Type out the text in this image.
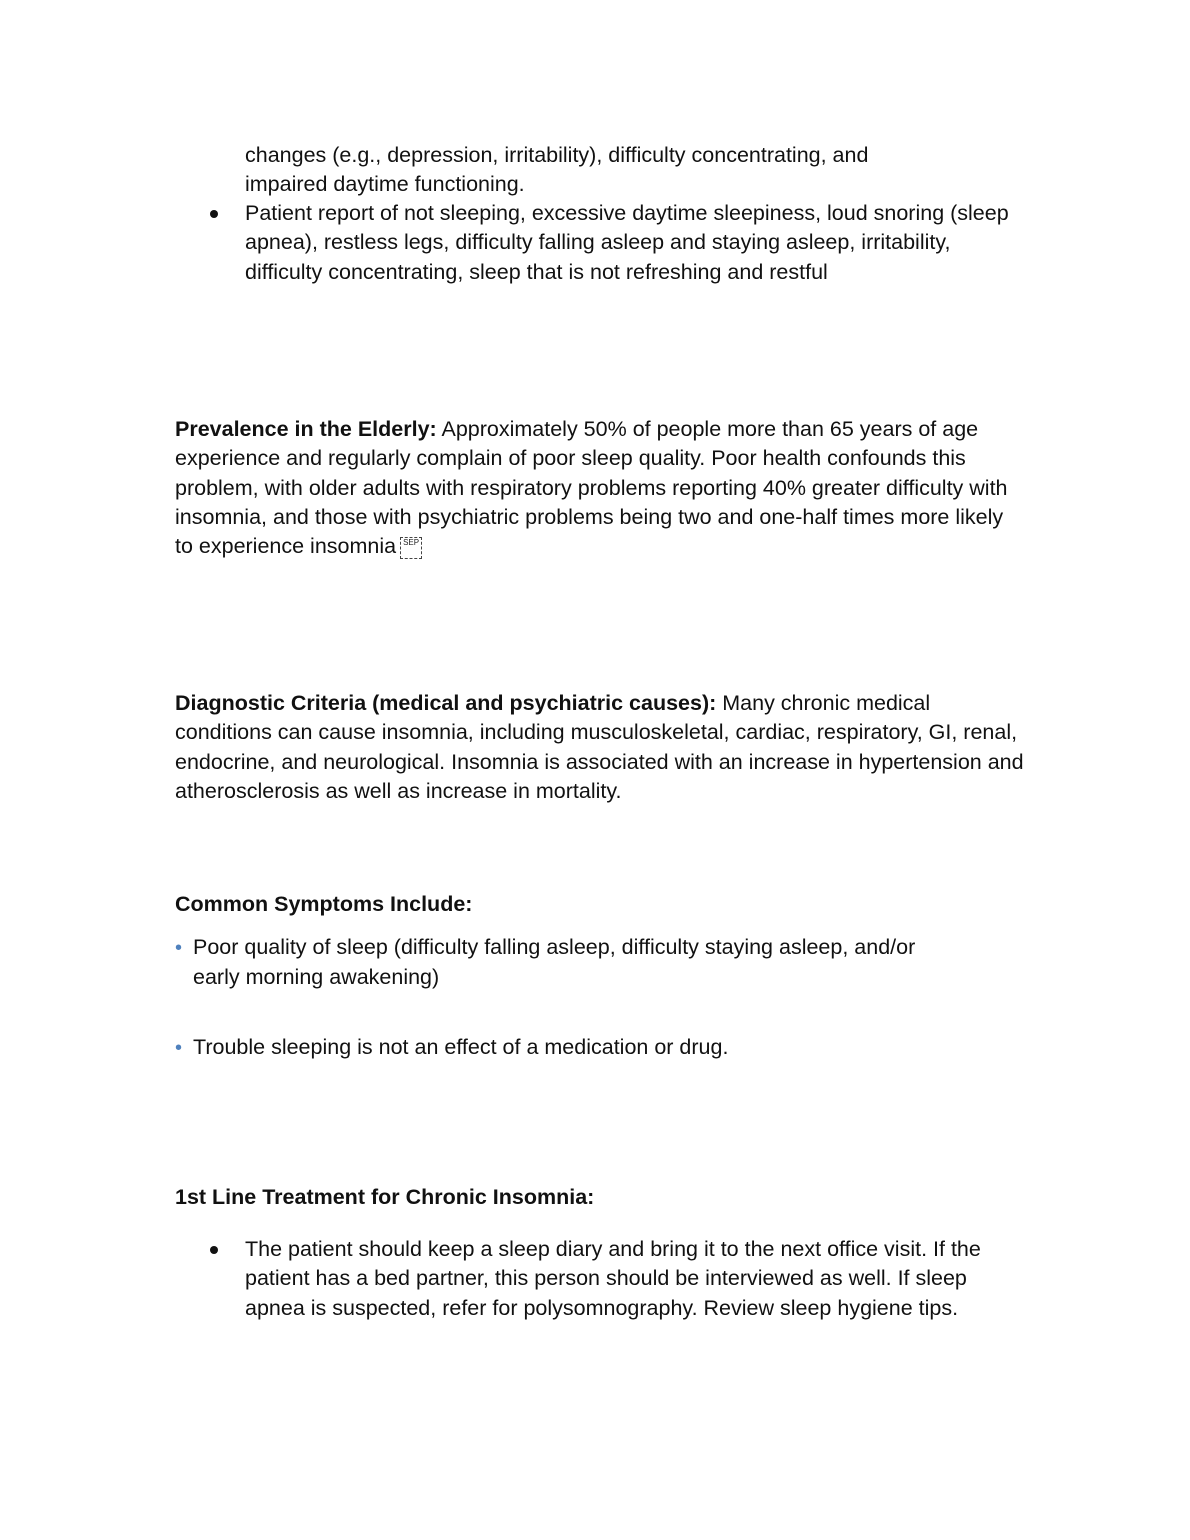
changes (e.g., depression, irritability), difficulty concentrating, and
impaired daytime functioning.
Patient report of not sleeping, excessive daytime sleepiness, loud snoring (sleep apnea), restless legs, difficulty falling asleep and staying asleep, irritability, difficulty concentrating, sleep that is not refreshing and restful
Prevalence in the Elderly: Approximately 50% of people more than 65 years of age experience and regularly complain of poor sleep quality. Poor health confounds this problem, with older adults with respiratory problems reporting 40% greater difficulty with insomnia, and those with psychiatric problems being two and one-half times more likely to experience insomnia SEP
Diagnostic Criteria (medical and psychiatric causes): Many chronic medical conditions can cause insomnia, including musculoskeletal, cardiac, respiratory, GI, renal, endocrine, and neurological. Insomnia is associated with an increase in hypertension and atherosclerosis as well as increase in mortality.
Common Symptoms Include:
• Poor quality of sleep (difficulty falling asleep, difficulty staying asleep, and/or
early morning awakening)
• Trouble sleeping is not an effect of a medication or drug.
1st Line Treatment for Chronic Insomnia:
The patient should keep a sleep diary and bring it to the next office visit. If the patient has a bed partner, this person should be interviewed as well. If sleep apnea is suspected, refer for polysomnography. Review sleep hygiene tips.
